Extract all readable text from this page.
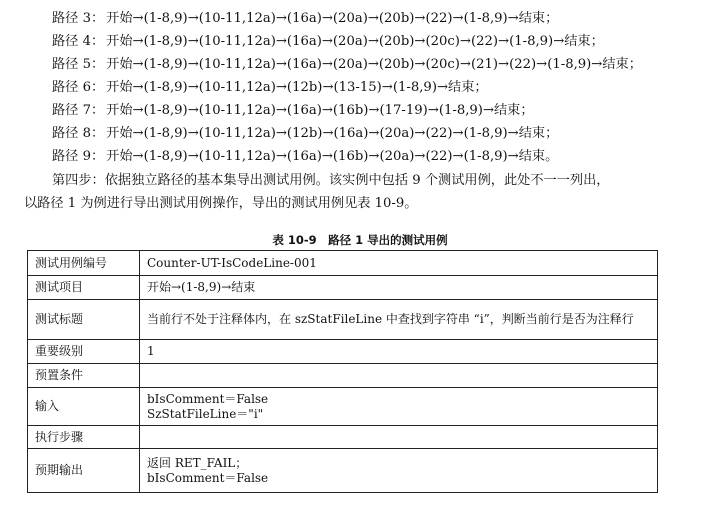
路径 3： 开始→(1-8,9)→(10-11,12a)→(16a)→(20a)→(20b)→(22)→(1-8,9)→结束；
路径 4： 开始→(1-8,9)→(10-11,12a)→(16a)→(20a)→(20b)→(20c)→(22)→(1-8,9)→结束；
路径 5： 开始→(1-8,9)→(10-11,12a)→(16a)→(20a)→(20b)→(20c)→(21)→(22)→(1-8,9)→结束；
路径 6： 开始→(1-8,9)→(10-11,12a)→(12b)→(13-15)→(1-8,9)→结束；
路径 7： 开始→(1-8,9)→(10-11,12a)→(16a)→(16b)→(17-19)→(1-8,9)→结束；
路径 8： 开始→(1-8,9)→(10-11,12a)→(12b)→(16a)→(20a)→(22)→(1-8,9)→结束；
路径 9： 开始→(1-8,9)→(10-11,12a)→(16a)→(16b)→(20a)→(22)→(1-8,9)→结束。
第四步：依据独立路径的基本集导出测试用例。该实例中包括 9 个测试用例，此处不一一列出，
以路径 1 为例进行导出测试用例操作，导出的测试用例见表 10-9。
表 10-9　路径 1 导出的测试用例
测试用例编号	Counter-UT-IsCodeLine-001

测试项目	开始→(1-8,9)→结束

测试标题	当前行不处于注释体内，在 szStatFileLine 中查找到字符串 “i”，判断当前行是否为注释行

重要级别	1

预置条件	

输入	bIsComment＝False
SzStatFileLine＝"i"

执行步骤	

预期输出	返回 RET_FAIL；
bIsComment＝False
